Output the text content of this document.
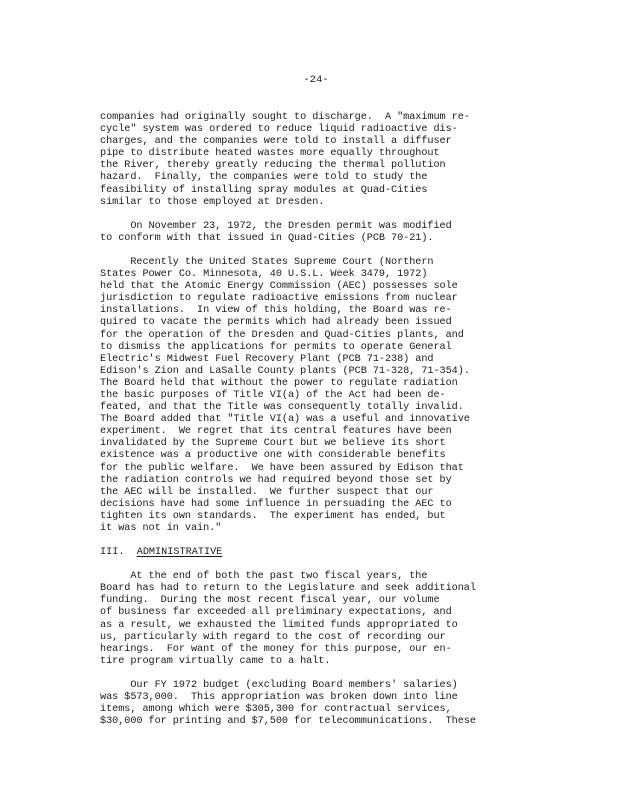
-24-
companies had originally sought to discharge.  A "maximum re-
cycle" system was ordered to reduce liquid radioactive dis-
charges, and the companies were told to install a diffuser
pipe to distribute heated wastes more equally throughout
the River, thereby greatly reducing the thermal pollution
hazard.  Finally, the companies were told to study the
feasibility of installing spray modules at Quad-Cities
similar to those employed at Dresden.
On November 23, 1972, the Dresden permit was modified
to conform with that issued in Quad-Cities (PCB 70-21).
Recently the United States Supreme Court (Northern
States Power Co. Minnesota, 40 U.S.L. Week 3479, 1972)
held that the Atomic Energy Commission (AEC) possesses sole
jurisdiction to regulate radioactive emissions from nuclear
installations.  In view of this holding, the Board was re-
quired to vacate the permits which had already been issued
for the operation of the Dresden and Quad-Cities plants, and
to dismiss the applications for permits to operate General
Electric's Midwest Fuel Recovery Plant (PCB 71-238) and
Edison's Zion and LaSalle County plants (PCB 71-328, 71-354).
The Board held that without the power to regulate radiation
the basic purposes of Title VI(a) of the Act had been de-
feated, and that the Title was consequently totally invalid.
The Board added that "Title VI(a) was a useful and innovative
experiment.  We regret that its central features have been
invalidated by the Supreme Court but we believe its short
existence was a productive one with considerable benefits
for the public welfare.  We have been assured by Edison that
the radiation controls we had required beyond those set by
the AEC will be installed.  We further suspect that our
decisions have had some influence in persuading the AEC to
tighten its own standards.  The experiment has ended, but
it was not in vain."
III. ADMINISTRATIVE
At the end of both the past two fiscal years, the
Board has had to return to the Legislature and seek additional
funding.  During the most recent fiscal year, our volume
of business far exceeded all preliminary expectations, and
as a result, we exhausted the limited funds appropriated to
us, particularly with regard to the cost of recording our
hearings.  For want of the money for this purpose, our en-
tire program virtually came to a halt.
Our FY 1972 budget (excluding Board members' salaries)
was $573,000.  This appropriation was broken down into line
items, among which were $305,300 for contractual services,
$30,000 for printing and $7,500 for telecommunications.  These
